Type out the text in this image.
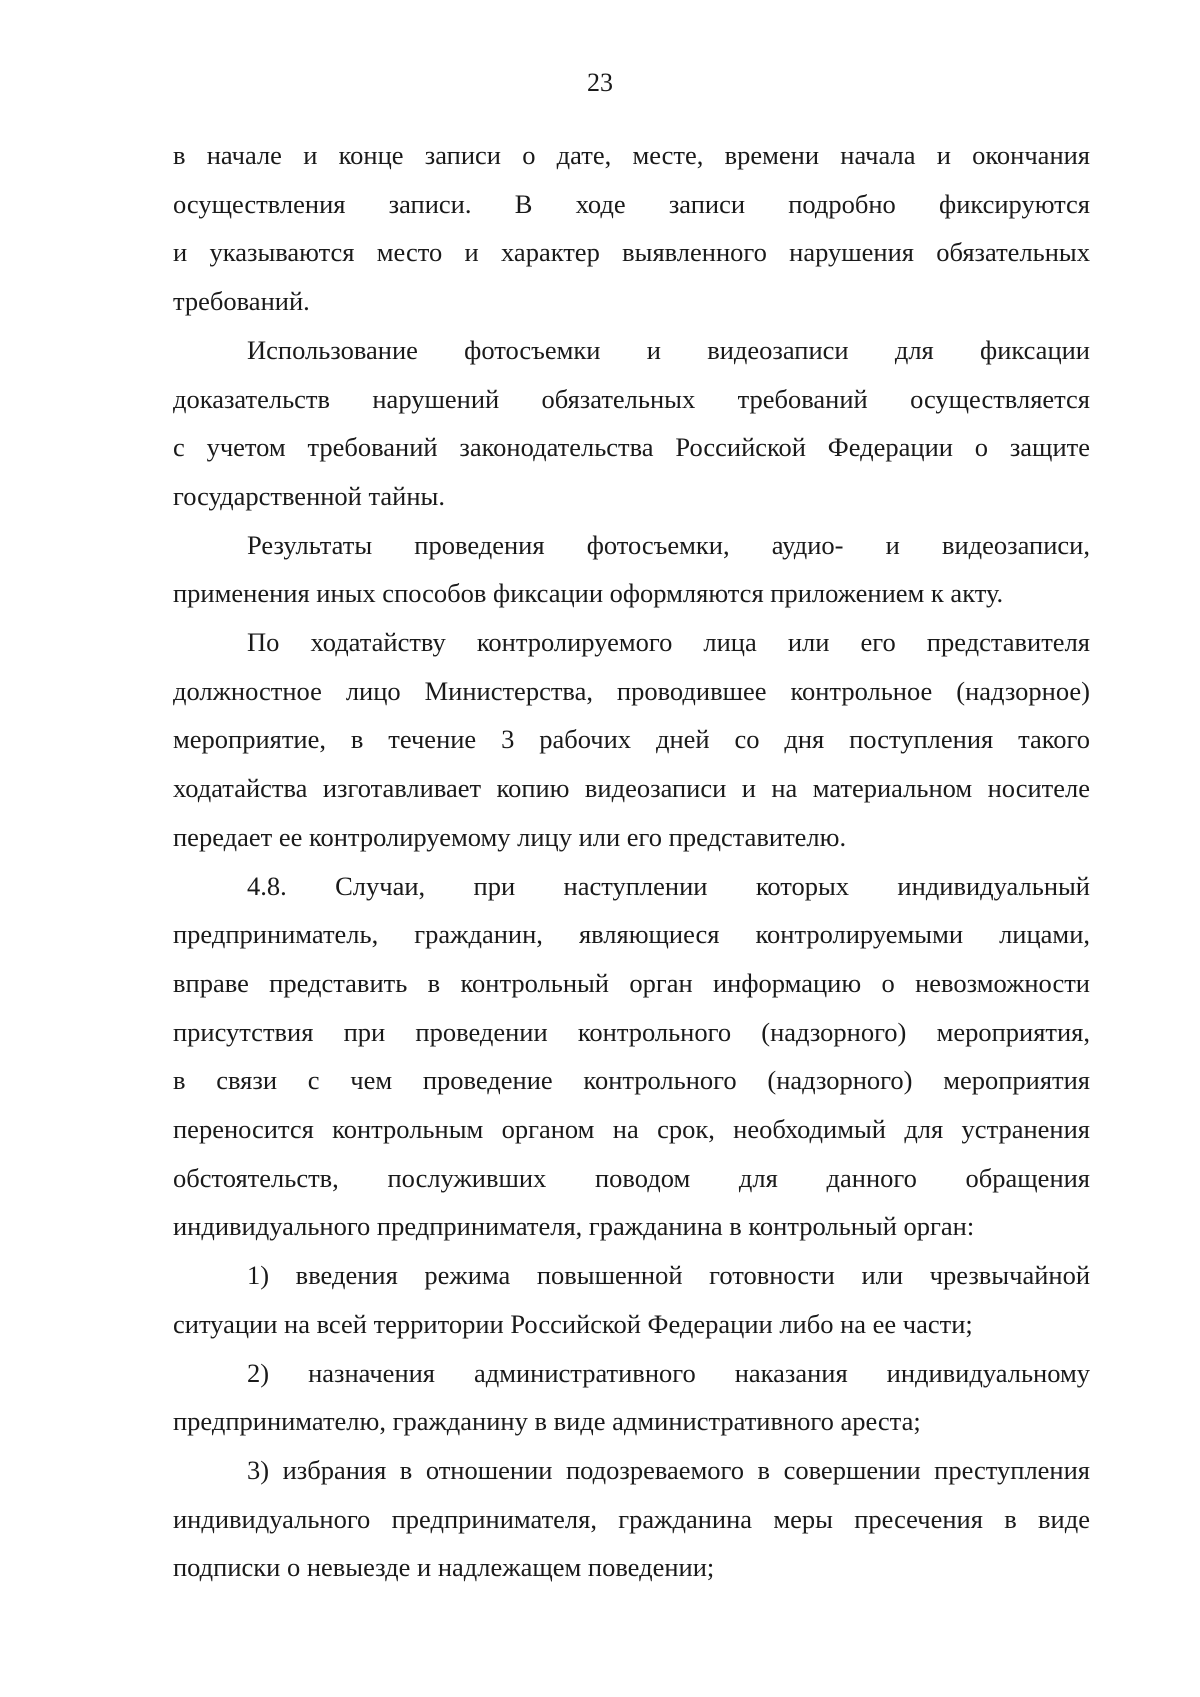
23
в начале и конце записи о дате, месте, времени начала и окончания
осуществления записи. В ходе записи подробно фиксируются
и указываются место и характер выявленного нарушения обязательных
требований.
Использование фотосъемки и видеозаписи для фиксации
доказательств нарушений обязательных требований осуществляется
с учетом требований законодательства Российской Федерации о защите
государственной тайны.
Результаты проведения фотосъемки, аудио- и видеозаписи,
применения иных способов фиксации оформляются приложением к акту.
По ходатайству контролируемого лица или его представителя
должностное лицо Министерства, проводившее контрольное (надзорное)
мероприятие, в течение 3 рабочих дней со дня поступления такого
ходатайства изготавливает копию видеозаписи и на материальном носителе
передает ее контролируемому лицу или его представителю.
4.8. Случаи, при наступлении которых индивидуальный
предприниматель, гражданин, являющиеся контролируемыми лицами,
вправе представить в контрольный орган информацию о невозможности
присутствия при проведении контрольного (надзорного) мероприятия,
в связи с чем проведение контрольного (надзорного) мероприятия
переносится контрольным органом на срок, необходимый для устранения
обстоятельств, послуживших поводом для данного обращения
индивидуального предпринимателя, гражданина в контрольный орган:
1) введения режима повышенной готовности или чрезвычайной
ситуации на всей территории Российской Федерации либо на ее части;
2) назначения административного наказания индивидуальному
предпринимателю, гражданину в виде административного ареста;
3) избрания в отношении подозреваемого в совершении преступления
индивидуального предпринимателя, гражданина меры пресечения в виде
подписки о невыезде и надлежащем поведении;
